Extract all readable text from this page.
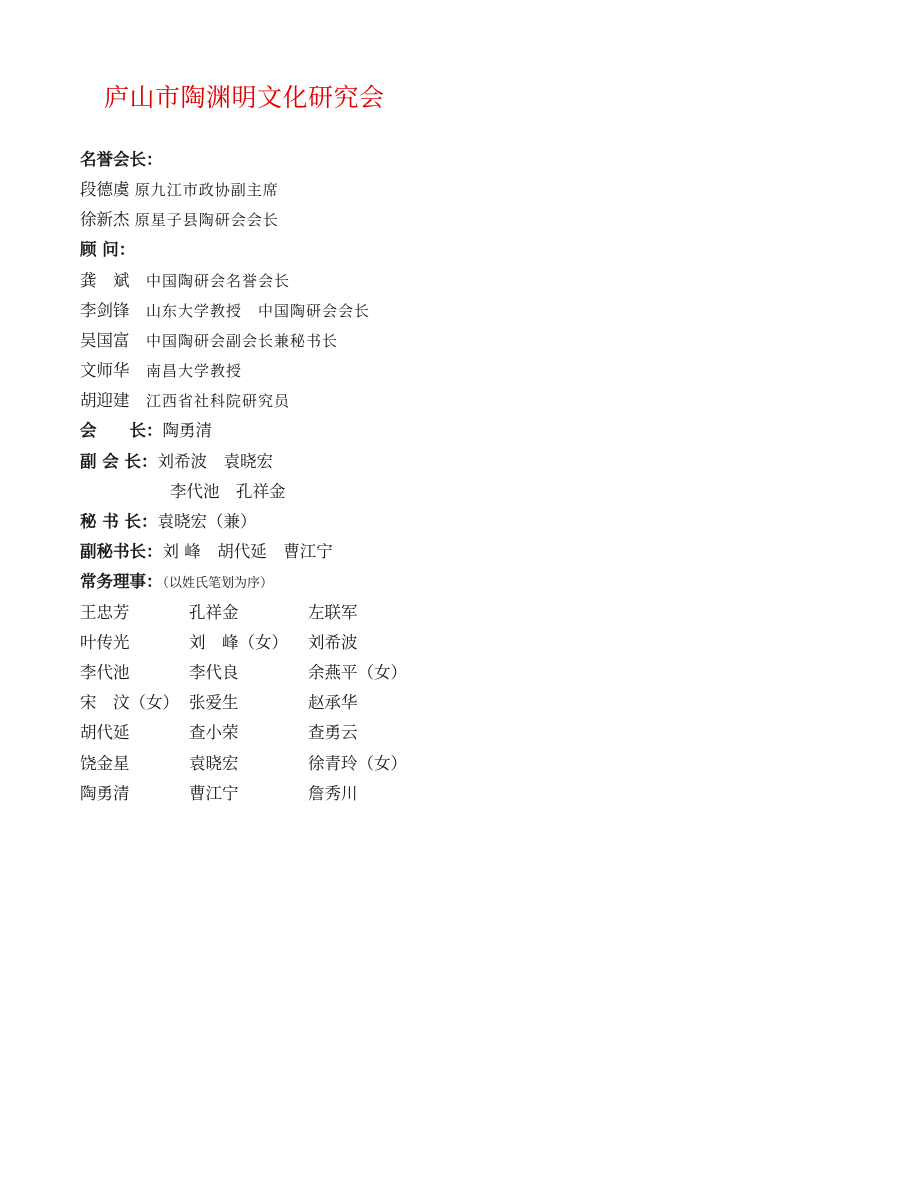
庐山市陶渊明文化研究会
名誉会长：
段德虞 原九江市政协副主席
徐新杰 原星子县陶研会会长
顾 问：
龚　斌 中国陶研会名誉会长
李剑锋 山东大学教授　中国陶研会会长
吴国富 中国陶研会副会长兼秘书长
文师华 南昌大学教授
胡迎建 江西省社科院研究员
会　　长：陶勇清
副 会 长：刘希波　袁晓宏
李代池　孔祥金
秘 书 长：袁晓宏（兼）
副秘书长：刘 峰　胡代延　曹江宁
常务理事：（以姓氏笔划为序）
王忠芳	孔祥金	左联军
叶传光	刘　峰（女） 刘希波
李代池	李代良	余燕平（女）
宋　汶（女） 张爱生	赵承华
胡代延	查小荣	查勇云
饶金星	袁晓宏	徐青玲（女）
陶勇清	曹江宁	詹秀川
